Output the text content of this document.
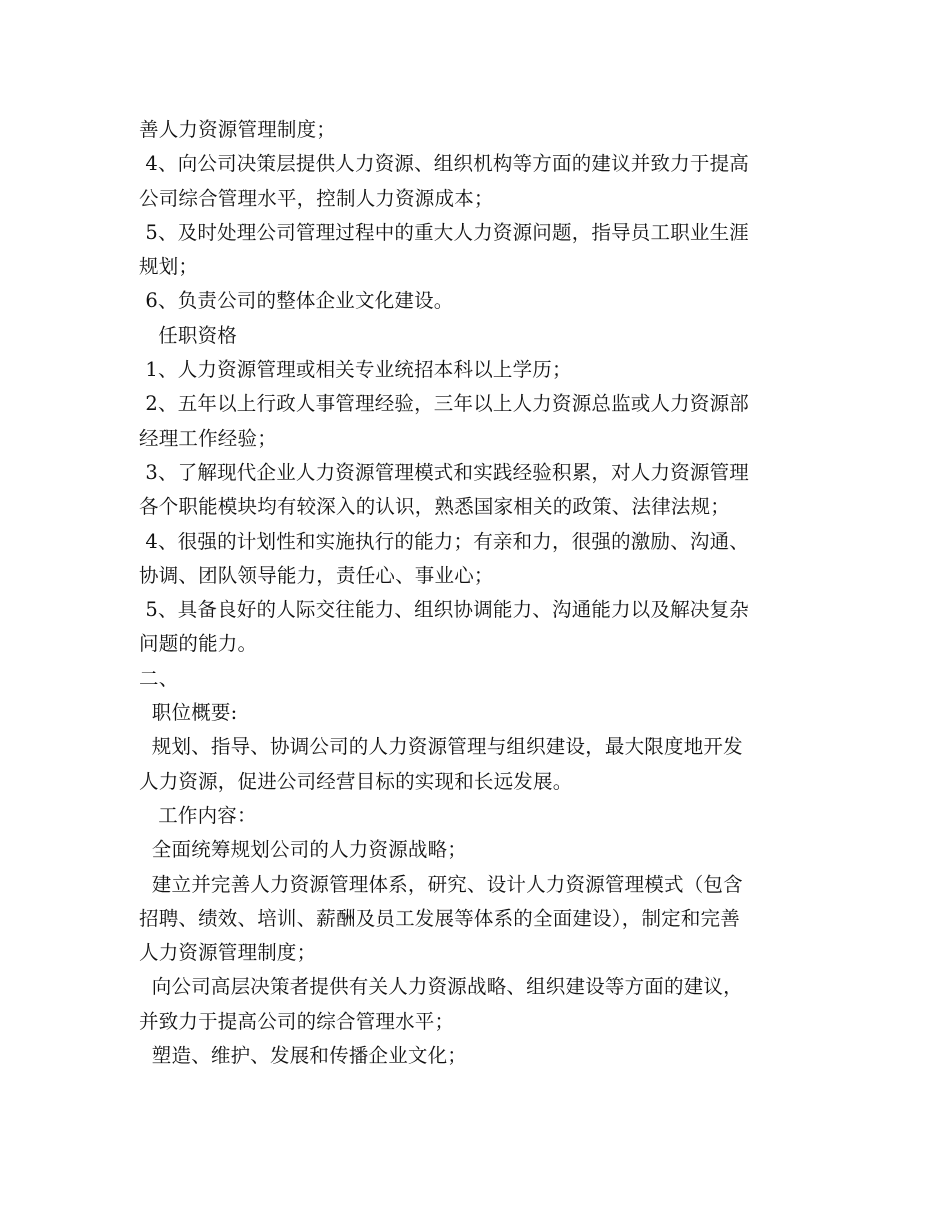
善人力资源管理制度；
4、向公司决策层提供人力资源、组织机构等方面的建议并致力于提高
公司综合管理水平，控制人力资源成本；
5、及时处理公司管理过程中的重大人力资源问题，指导员工职业生涯
规划；
6、负责公司的整体企业文化建设。
任职资格
1、人力资源管理或相关专业统招本科以上学历；
2、五年以上行政人事管理经验，三年以上人力资源总监或人力资源部
经理工作经验；
3、了解现代企业人力资源管理模式和实践经验积累，对人力资源管理
各个职能模块均有较深入的认识，熟悉国家相关的政策、法律法规；
4、很强的计划性和实施执行的能力；有亲和力，很强的激励、沟通、
协调、团队领导能力，责任心、事业心；
5、具备良好的人际交往能力、组织协调能力、沟通能力以及解决复杂
问题的能力。
二、
职位概要:
规划、指导、协调公司的人力资源管理与组织建设，最大限度地开发
人力资源，促进公司经营目标的实现和长远发展。
工作内容：
全面统筹规划公司的人力资源战略；
建立并完善人力资源管理体系，研究、设计人力资源管理模式（包含
招聘、绩效、培训、薪酬及员工发展等体系的全面建设），制定和完善
人力资源管理制度；
向公司高层决策者提供有关人力资源战略、组织建设等方面的建议，
并致力于提高公司的综合管理水平；
塑造、维护、发展和传播企业文化；
